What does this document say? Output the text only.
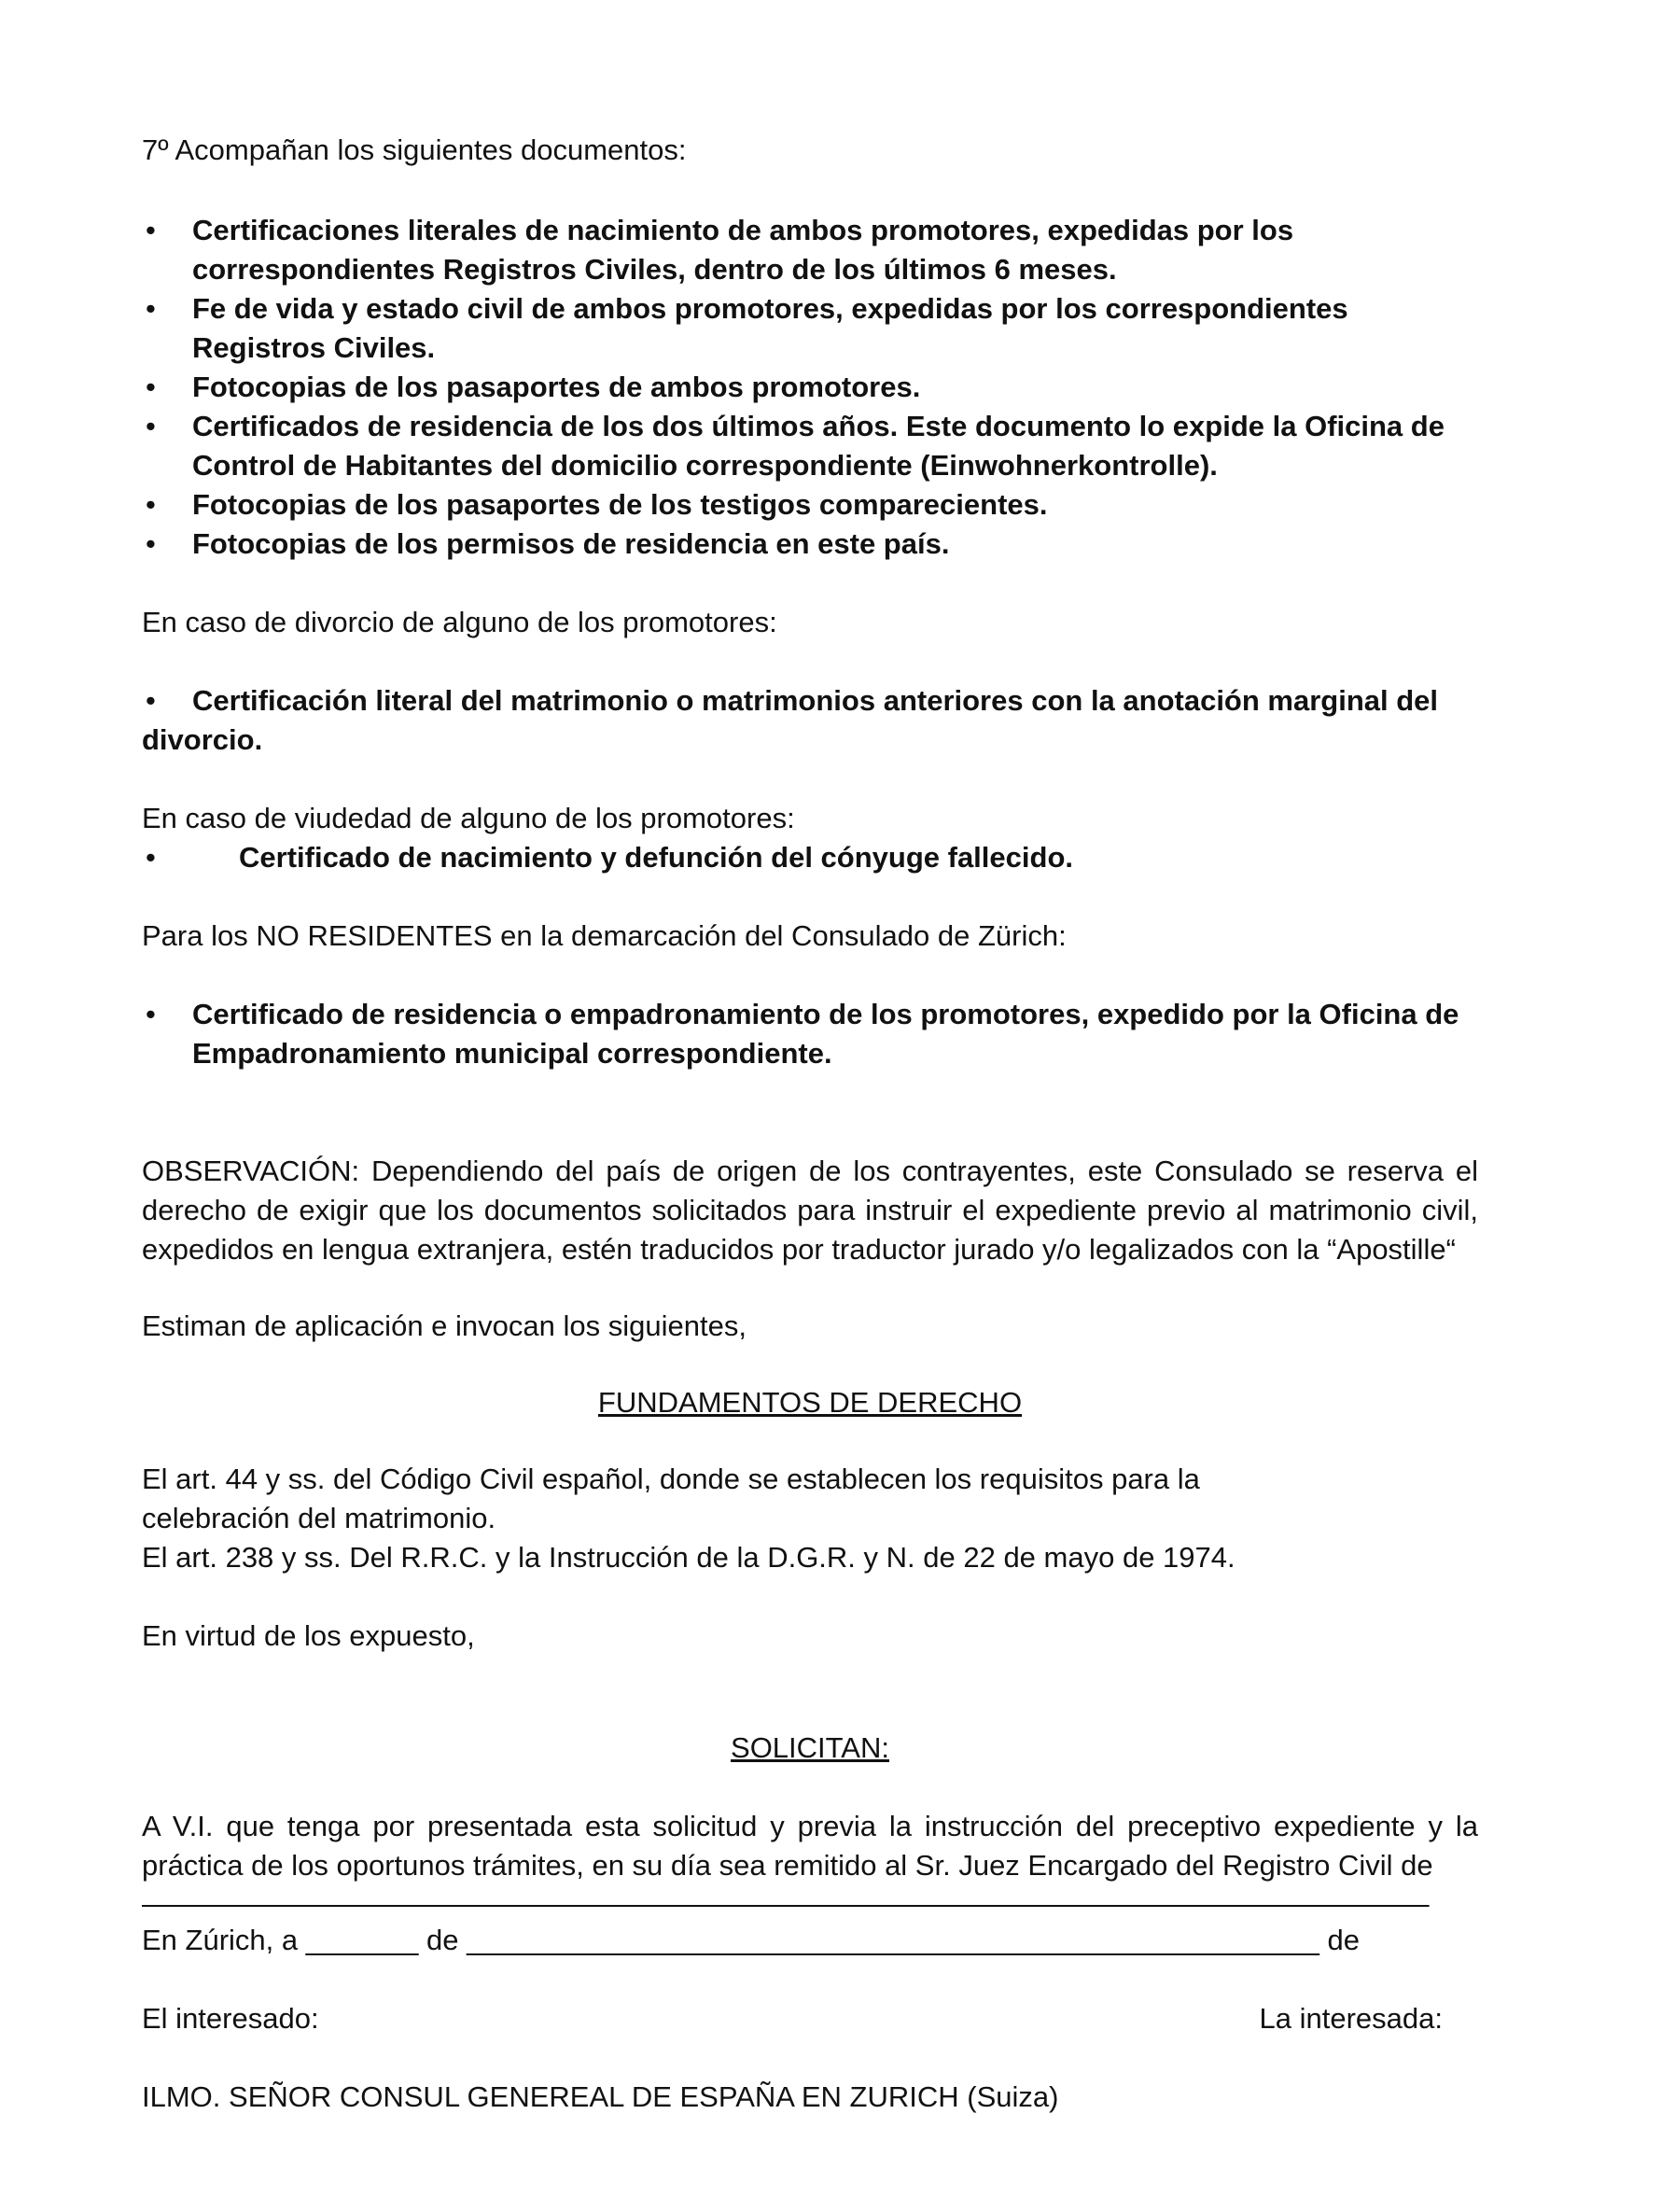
7º Acompañan los siguientes documentos:

• Certificaciones literales de nacimiento de ambos promotores, expedidas por los correspondientes Registros Civiles, dentro de los últimos 6 meses.
• Fe de vida y estado civil de ambos promotores, expedidas por los correspondientes Registros Civiles.
• Fotocopias de los pasaportes de ambos promotores.
• Certificados de residencia de los dos últimos años. Este documento lo expide la Oficina de Control de Habitantes del domicilio correspondiente (Einwohnerkontrolle).
• Fotocopias de los pasaportes de los testigos comparecientes.
• Fotocopias de los permisos de residencia en este país.

En caso de divorcio de alguno de los promotores:

• Certificación literal del matrimonio o matrimonios anteriores con la anotación marginal del divorcio.

En caso de viudedad de alguno de los promotores:

•	Certificado de nacimiento y defunción del cónyuge fallecido.

Para los NO RESIDENTES en la demarcación del Consulado de Zürich:

• Certificado de residencia o empadronamiento de los promotores, expedido por la Oficina de Empadronamiento municipal correspondiente.

OBSERVACIÓN: Dependiendo del país de origen de los contrayentes, este Consulado se reserva el derecho de exigir que los documentos solicitados para instruir el expediente previo al matrimonio civil, expedidos en lengua extranjera, estén traducidos por traductor jurado y/o legalizados con la “Apostille“

Estiman de aplicación e invocan los siguientes,

FUNDAMENTOS DE DERECHO

El art. 44 y ss. del Código Civil español, donde se establecen los requisitos para la celebración del matrimonio.

El art. 238 y ss. Del R.R.C. y la Instrucción de la D.G.R. y N. de 22 de mayo de 1974.

En virtud de los expuesto,

SOLICITAN:

A V.I. que tenga por presentada esta solicitud y previa la instrucción del preceptivo expediente y la práctica de los oportunos trámites, en su día sea remitido al Sr. Juez Encargado del Registro Civil de

________________________________________________________________________________

En Zúrich, a _______ de _____________________________________________________ de

El interesado:	La interesada:

ILMO. SEÑOR CONSUL GENEREAL DE ESPAÑA EN ZURICH (Suiza)
